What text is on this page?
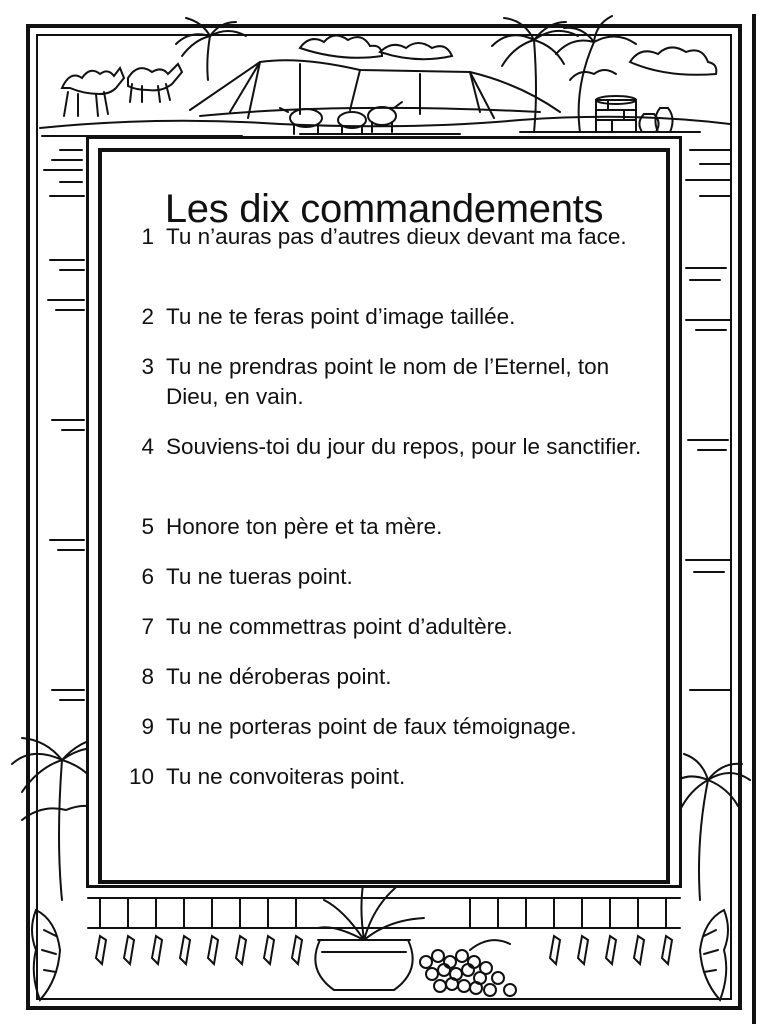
Les dix commandements
1 Tu n’auras pas d’autres dieux devant ma face.
2 Tu ne te feras point d’image taillée.
3 Tu ne prendras point le nom de l’Eternel, ton Dieu, en vain.
4 Souviens-toi du jour du repos, pour le sanctifier.
5 Honore ton père et ta mère.
6 Tu ne tueras point.
7 Tu ne commettras point d’adultère.
8 Tu ne déroberas point.
9 Tu ne porteras point de faux témoignage.
10 Tu ne convoiteras point.
